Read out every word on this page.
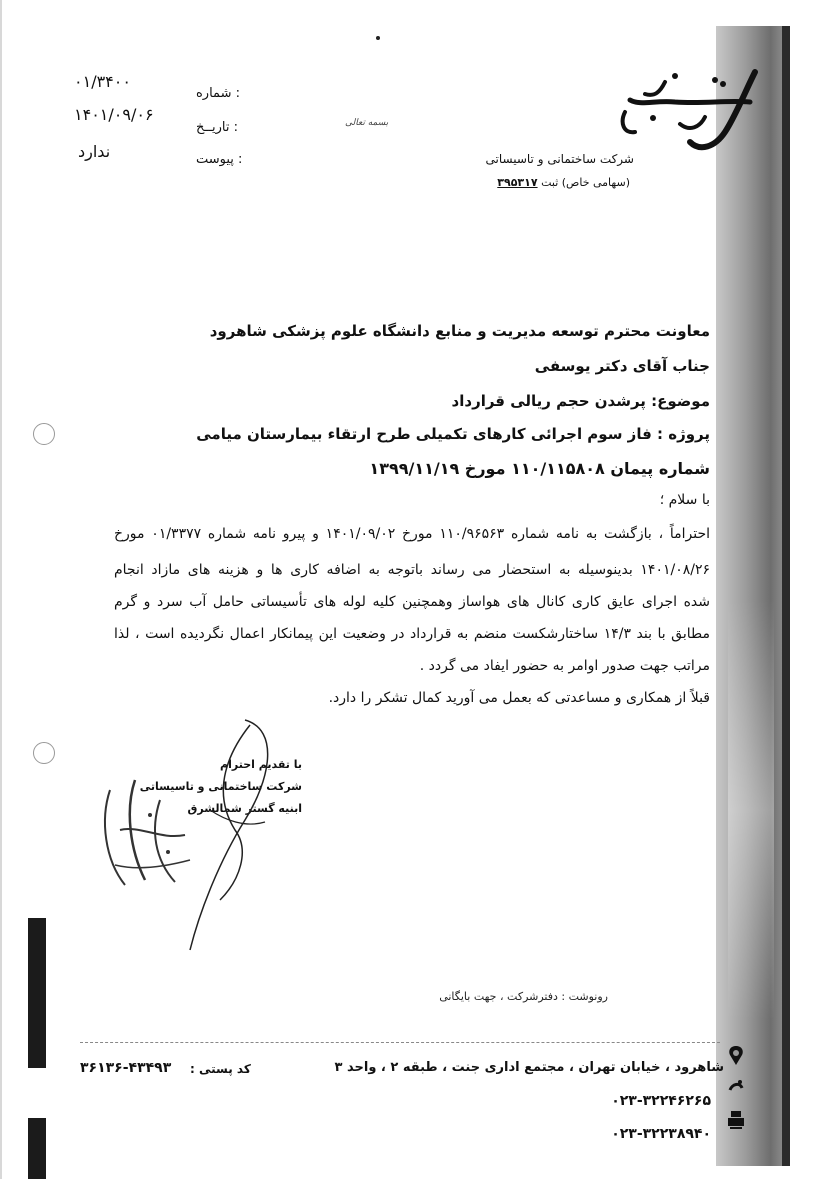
شرکت ساختمانی و تاسیساتی
(سهامی خاص) ثبت ۳۹۵۳۱۷
بسمه تعالی
۰۱/۳۴۰۰
: شماره
۱۴۰۱/۰۹/۰۶
: تاریــخ
ندارد	: پیوست
معاونت محترم توسعه مدیریت و منابع دانشگاه علوم پزشکی شاهرود
جناب آقای دکتر یوسفی
موضوع: پرشدن حجم ریالی قرارداد
پروژه : فاز سوم اجرائی کارهای تکمیلی طرح ارتقاء بیمارستان میامی
شماره پیمان ۱۱۰/۱۱۵۸۰۸ مورخ ۱۳۹۹/۱۱/۱۹
با سلام ؛
احتراماً ، بازگشت به نامه شماره ۱۱۰/۹۶۵۶۳ مورخ ۱۴۰۱/۰۹/۰۲ و پیرو نامه شماره ۰۱/۳۳۷۷ مورخ
۱۴۰۱/۰۸/۲۶ بدینوسیله به استحضار می رساند باتوجه به اضافه کاری ها و هزینه های مازاد انجام
شده اجرای عایق کاری کانال های هواساز وهمچنین کلیه لوله های تأسیساتی حامل آب سرد و گرم
مطابق با بند ۱۴/۳ ساختارشکست منضم به قرارداد در وضعیت این پیمانکار اعمال نگردیده است ، لذا
مراتب جهت صدور اوامر به حضور ایفاد می گردد .
قبلاً از همکاری و مساعدتی که بعمل می آورید کمال تشکر را دارد.
با تقدیم احترام
شرکت ساختمانی و تاسیساتی
ابنیه گستر شمالشرق
رونوشت : دفترشرکت ، جهت بایگانی
شاهرود ، خیابان تهران ، مجتمع اداری جنت ، طبقه ۲ ، واحد ۳
کد پستی :
۳۶۱۳۶-۴۳۴۹۳
۰۲۳-۳۲۲۴۶۲۶۵
۰۲۳-۳۲۲۳۸۹۴۰
